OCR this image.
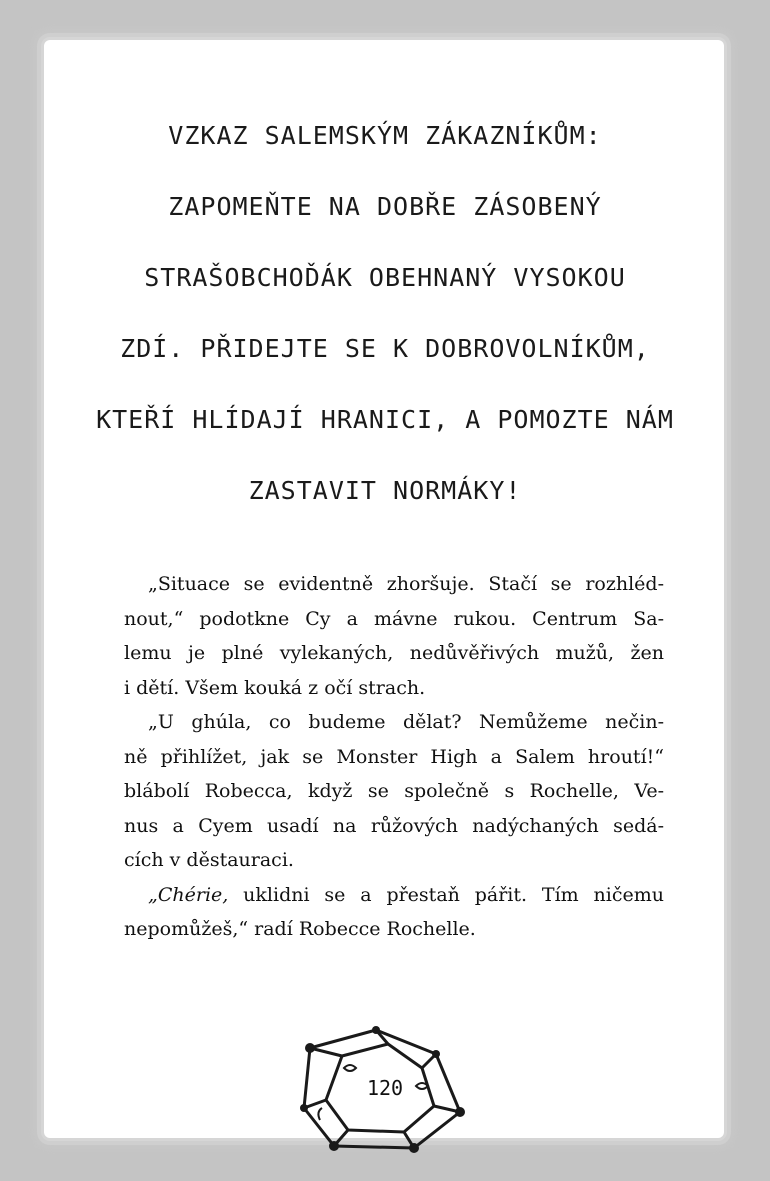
VZKAZ SALEMSKÝM ZÁKAZNÍKŮM:
ZAPOMEŇTE NA DOBŘE ZÁSOBENÝ
STRAŠOBCHOĎÁK OBEHNANÝ VYSOKOU
ZDÍ. PŘIDEJTE SE K DOBROVOLNÍKŮM,
KTEŘÍ HLÍDAJÍ HRANICI, A POMOZTE NÁM
ZASTAVIT NORMÁKY!
„Situace se evidentně zhoršuje. Stačí se rozhléd-
nout,“ podotkne Cy a mávne rukou. Centrum Sa-
lemu je plné vylekaných, nedůvěřivých mužů, žen
i dětí. Všem kouká z očí strach.
„U ghúla, co budeme dělat? Nemůžeme nečin-
ně přihlížet, jak se Monster High a Salem hroutí!“
blábolí Robecca, když se společně s Rochelle, Ve-
nus a Cyem usadí na růžových nadýchaných sedá-
cích v děstauraci.
„Chérie, uklidni se a přestaň pářit. Tím ničemu
nepomůžeš,“ radí Robecce Rochelle.
120
